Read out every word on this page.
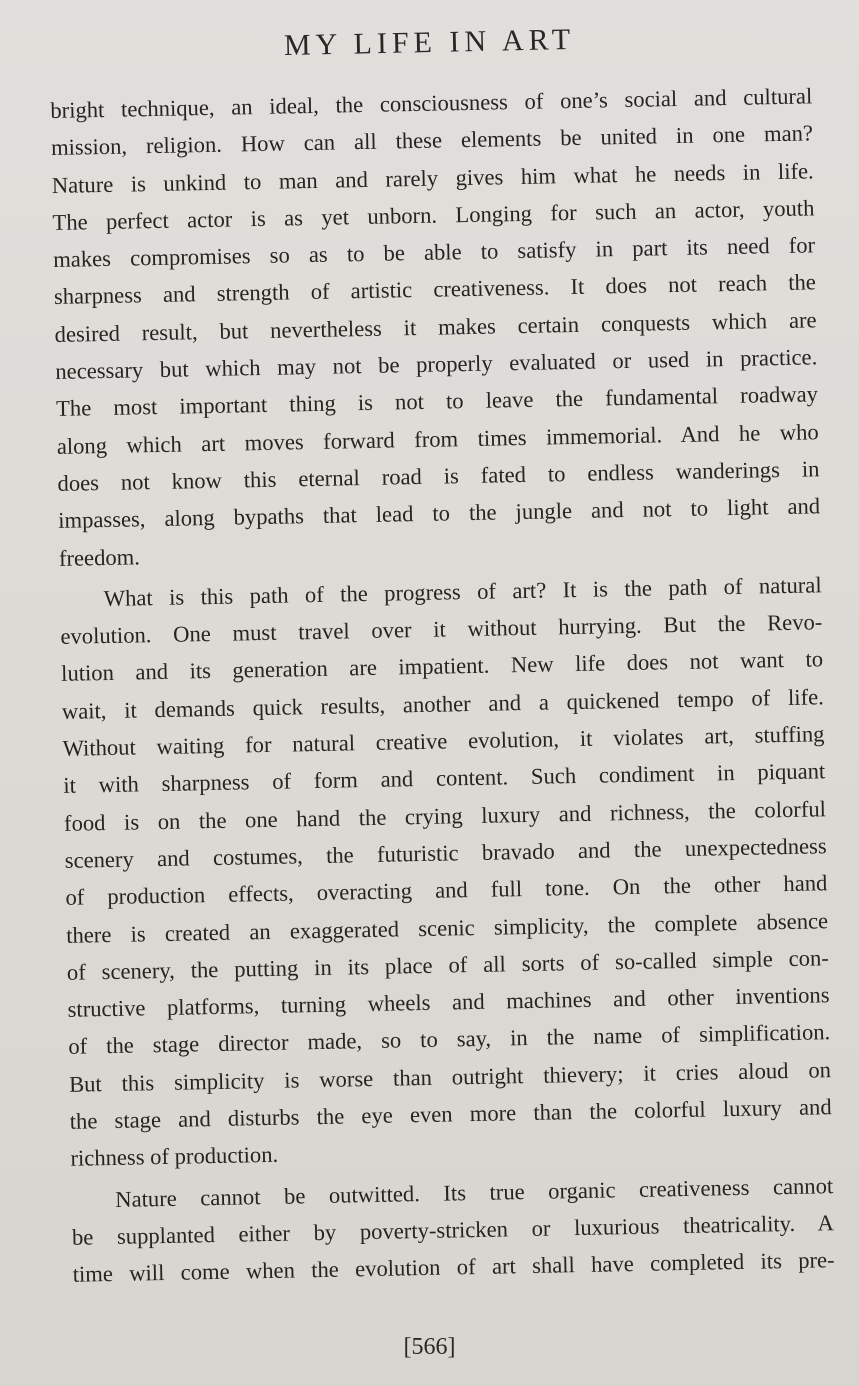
MY LIFE IN ART
bright technique, an ideal, the consciousness of one’s social and cultural
mission, religion. How can all these elements be united in one man?
Nature is unkind to man and rarely gives him what he needs in life.
The perfect actor is as yet unborn. Longing for such an actor, youth
makes compromises so as to be able to satisfy in part its need for
sharpness and strength of artistic creativeness. It does not reach the
desired result, but nevertheless it makes certain conquests which are
necessary but which may not be properly evaluated or used in practice.
The most important thing is not to leave the fundamental roadway
along which art moves forward from times immemorial. And he who
does not know this eternal road is fated to endless wanderings in
impasses, along bypaths that lead to the jungle and not to light and
freedom.
What is this path of the progress of art? It is the path of natural
evolution. One must travel over it without hurrying. But the Revo-
lution and its generation are impatient. New life does not want to
wait, it demands quick results, another and a quickened tempo of life.
Without waiting for natural creative evolution, it violates art, stuffing
it with sharpness of form and content. Such condiment in piquant
food is on the one hand the crying luxury and richness, the colorful
scenery and costumes, the futuristic bravado and the unexpectedness
of production effects, overacting and full tone. On the other hand
there is created an exaggerated scenic simplicity, the complete absence
of scenery, the putting in its place of all sorts of so-called simple con-
structive platforms, turning wheels and machines and other inventions
of the stage director made, so to say, in the name of simplification.
But this simplicity is worse than outright thievery; it cries aloud on
the stage and disturbs the eye even more than the colorful luxury and
richness of production.
Nature cannot be outwitted. Its true organic creativeness cannot
be supplanted either by poverty-stricken or luxurious theatricality. A
time will come when the evolution of art shall have completed its pre-
[566]
